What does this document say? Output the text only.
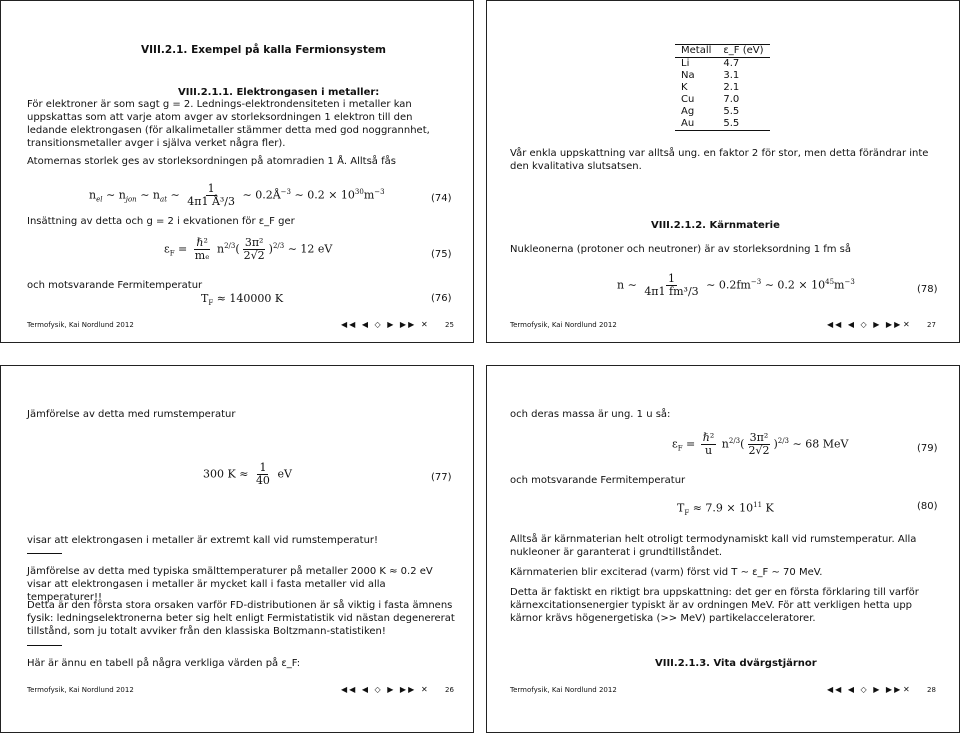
VIII.2.1. Exempel på kalla Fermionsystem
VIII.2.1.1. Elektrongasen i metaller:
För elektroner är som sagt g = 2. Lednings-elektrondensiteten i metaller kan uppskattas som att varje atom avger av storleksordningen 1 elektron till den ledande elektrongasen (för alkalimetaller stämmer detta med god noggrannhet, transitionsmetaller avger i själva verket några fler).
Atomernas storlek ges av storleksordningen på atomradien 1 Å. Alltså fås
$n_{el}$ ∼ $n_{jon}$ ∼ $n_{at}$ ∼ $\frac{1}{\text{4π1 Å³/3}}$ ∼ $0.2Å^{-3}$ ∼ $0.2 \times 10^{30}m^{-3}$
(74)
Insättning av detta och g = 2 i ekvationen för ε_F ger
$\varepsilon_F = \frac{\text{ℏ²}}{\text{mₑ}} n^{2/3}( \frac{\text{3π²}}{2√2} )^{2/3}$ ∼ 12 eV	(75)
och motsvarande Fermitemperatur
$T_F \approx 140000$ K	(76)
Termofysik, Kai Nordlund 2012	◀◀ ◀ ◇ ▶ ▶▶ ✕ 25
Metall	ε_F (eV)
Li	4.7
Na	3.1
K	2.1
Cu	7.0
Ag	5.5
Au	5.5
Vår enkla uppskattning var alltså ung. en faktor 2 för stor, men detta förändrar inte den kvalitativa slutsatsen.
VIII.2.1.2. Kärnmaterie
Nukleonerna (protoner och neutroner) är av storleksordning 1 fm så
n ∼ $\frac{1}{\text{4π1 fm³/3}}$ ∼ $0.2fm^{-3}$ ∼ $0.2 \times 10^{45}m^{-3}$
(78)
Termofysik, Kai Nordlund 2012	◀◀ ◀ ◇ ▶ ▶▶ ✕ 27
Jämförelse av detta med rumstemperatur
300 $K \approx \frac{1}{40}$ eV	(77)
visar att elektrongasen i metaller är extremt kall vid rumstemperatur!
Jämförelse av detta med typiska smälttemperaturer på metaller 2000 K ≈ 0.2 eV visar att elektrongasen i metaller är mycket kall i fasta metaller vid alla temperaturer!!
Detta är den första stora orsaken varför FD-distributionen är så viktig i fasta ämnens fysik: ledningselektronerna beter sig helt enligt Fermistatistik vid nästan degenererat tillstånd, som ju totalt avviker från den klassiska Boltzmann-statistiken!
Här är ännu en tabell på några verkliga värden på ε_F:
Termofysik, Kai Nordlund 2012	◀◀ ◀ ◇ ▶ ▶▶ ✕ 26
och deras massa är ung. 1 u så:
$\varepsilon_F = \frac{\text{ℏ²}}{u} n^{2/3}( \frac{\text{3π²}}{2√2} )^{2/3}$ ∼ 68 MeV	(79)
och motsvarande Fermitemperatur
$T_F \approx 7.9 \times 10^{11}$ K	(80)
Alltså är kärnmaterian helt otroligt termodynamiskt kall vid rumstemperatur. Alla nukleoner är garanterat i grundtillståndet.
Kärnmaterien blir exciterad (varm) först vid T ∼ ε_F ∼ 70 MeV.
Detta är faktiskt en riktigt bra uppskattning: det ger en första förklaring till varför kärnexcitationsenergier typiskt är av ordningen MeV. För att verkligen hetta upp kärnor krävs högenergetiska (>> MeV) partikelacceleratorer.
VIII.2.1.3. Vita dvärgstjärnor
Termofysik, Kai Nordlund 2012	◀◀ ◀ ◇ ▶ ▶▶ ✕ 28
